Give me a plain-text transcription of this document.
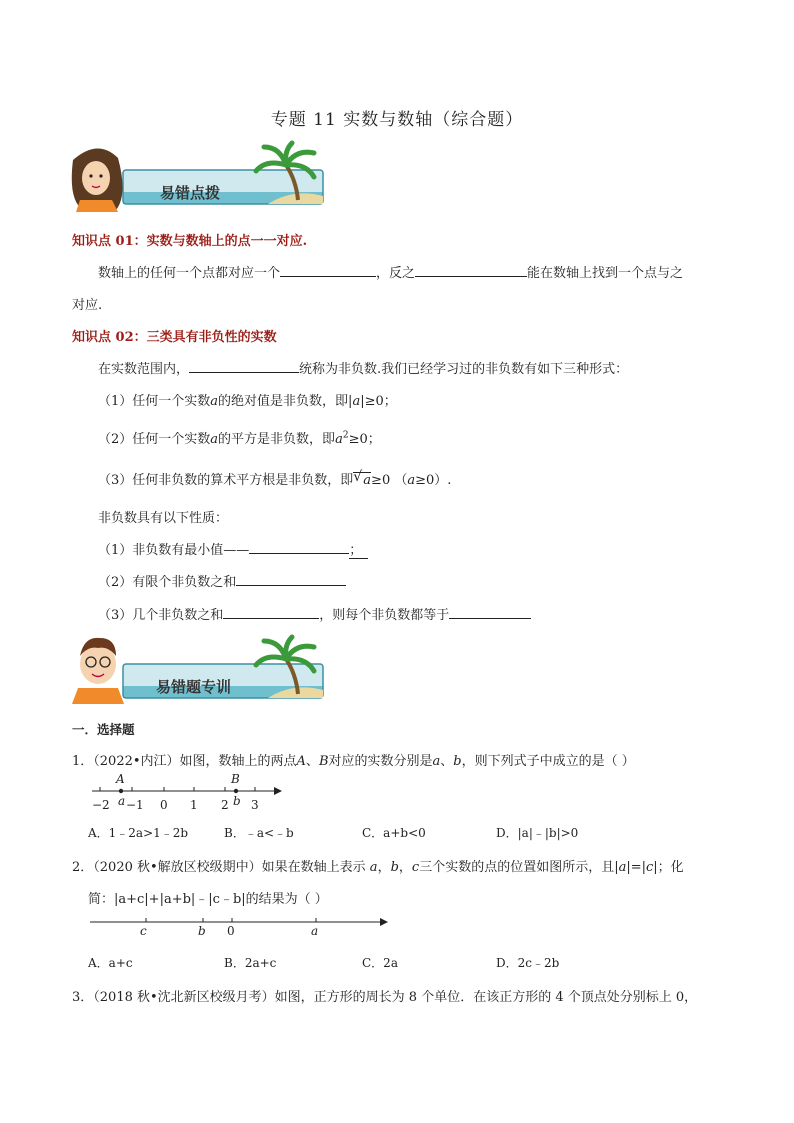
专题 11 实数与数轴（综合题）
易错点拨
知识点 01：实数与数轴上的点一一对应.
数轴上的任何一个点都对应一个	，反之	能在数轴上找到一个点与之
对应.
知识点 02：三类具有非负性的实数
在实数范围内，	统称为非负数.我们已经学习过的非负数有如下三种形式：
（1）任何一个实数a的绝对值是非负数，即|a|≥0；
（2）任何一个实数a的平方是非负数，即$a^2\ge 0$；
（3）任何非负数的算术平方根是非负数，即 √ a≥0 （a≥0）.
非负数具有以下性质：
（1）非负数有最小值——	；
（2）有限个非负数之和
（3）几个非负数之和	，则每个非负数都等于
易错题专训
一．选择题
1．（2022•内江）如图，数轴上的两点A、B对应的实数分别是a、b，则下列式子中成立的是（ ）
A	B
−2 a −1 0 1 2 b 3
A．1﹣2a>1﹣2b	B．﹣a<﹣b	C．a+b<0	D．|a|﹣|b|>0
2．（2020 秋•解放区校级期中）如果在数轴上表示 a，b，c三个实数的点的位置如图所示，且|a|=|c|；化
简：|a+c|+|a+b|﹣|c﹣b|的结果为（ ）
c	b 0	a
A．a+c	B．2a+c	C．2a	D．2c﹣2b
3．（2018 秋•沈北新区校级月考）如图，正方形的周长为 8 个单位．在该正方形的 4 个顶点处分别标上 0，
